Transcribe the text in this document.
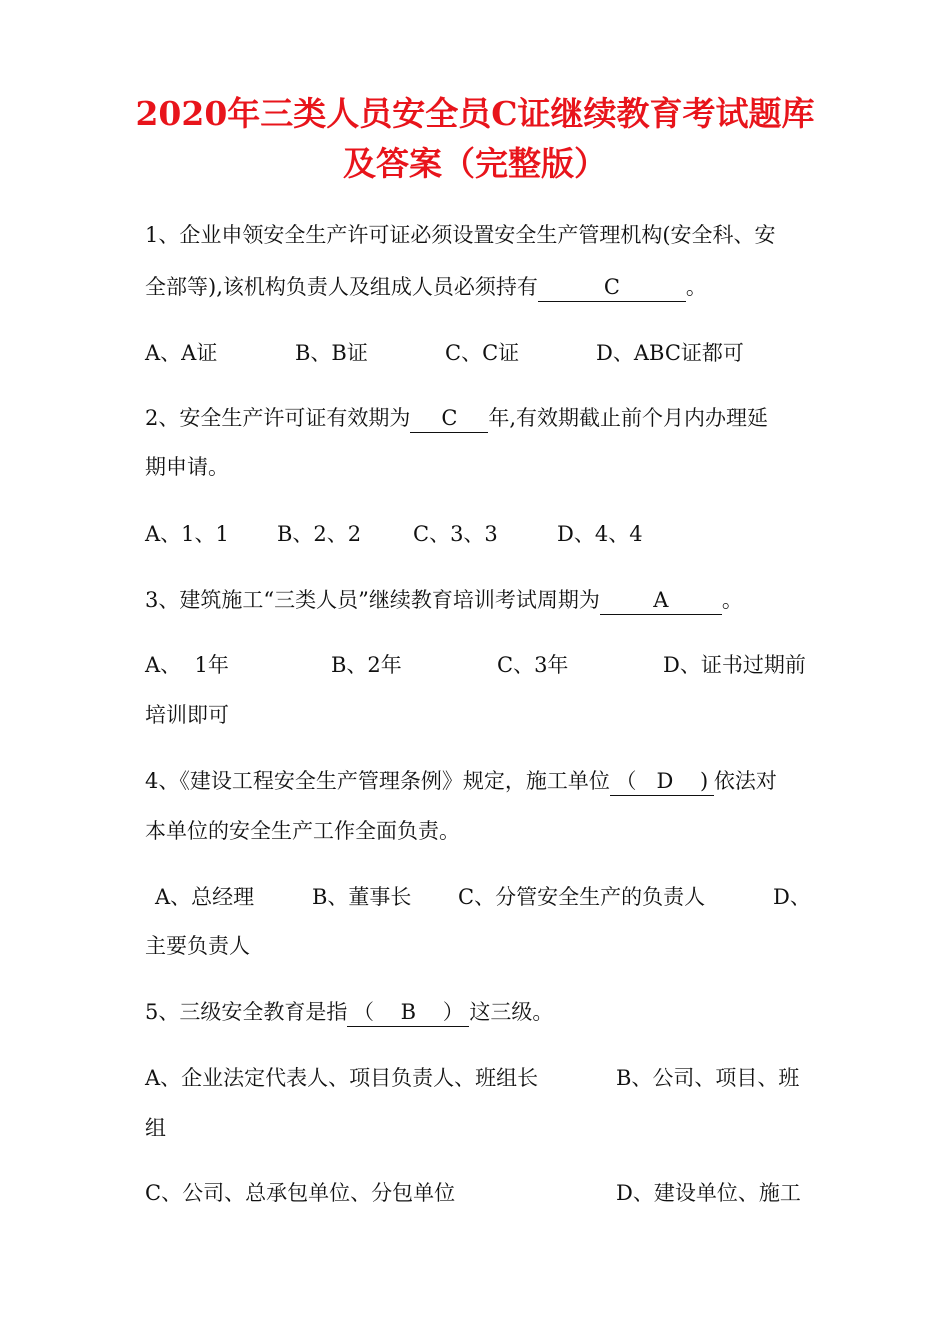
2020年三类人员安全员C证继续教育考试题库
及答案（完整版）
1、企业申领安全生产许可证必须设置安全生产管理机构(安全科、安
全部等),该机构负责人及组成人员必须持有	C	。
A、A证	B、B证	C、C证	D、ABC证都可
2、安全生产许可证有效期为 C 年,有效期截止前个月内办理延
期申请。
A、1、1 B、2、2 C、3、3	D、4、4
3、建筑施工“三类人员”继续教育培训考试周期为	A	。
A、  1年	B、2年	C、3年	D、证书过期前
培训即可
4、《建设工程安全生产管理条例》规定，施工单位 （   D    ) 依法对
本单位的安全生产工作全面负责。
A、总经理	B、董事长 C、分管安全生产的负责人	D、
主要负责人
5、三级安全教育是指 （    B    ） 这三级。
A、企业法定代表人、项目负责人、班组长	B、公司、项目、班
组
C、公司、总承包单位、分包单位	D、建设单位、施工
